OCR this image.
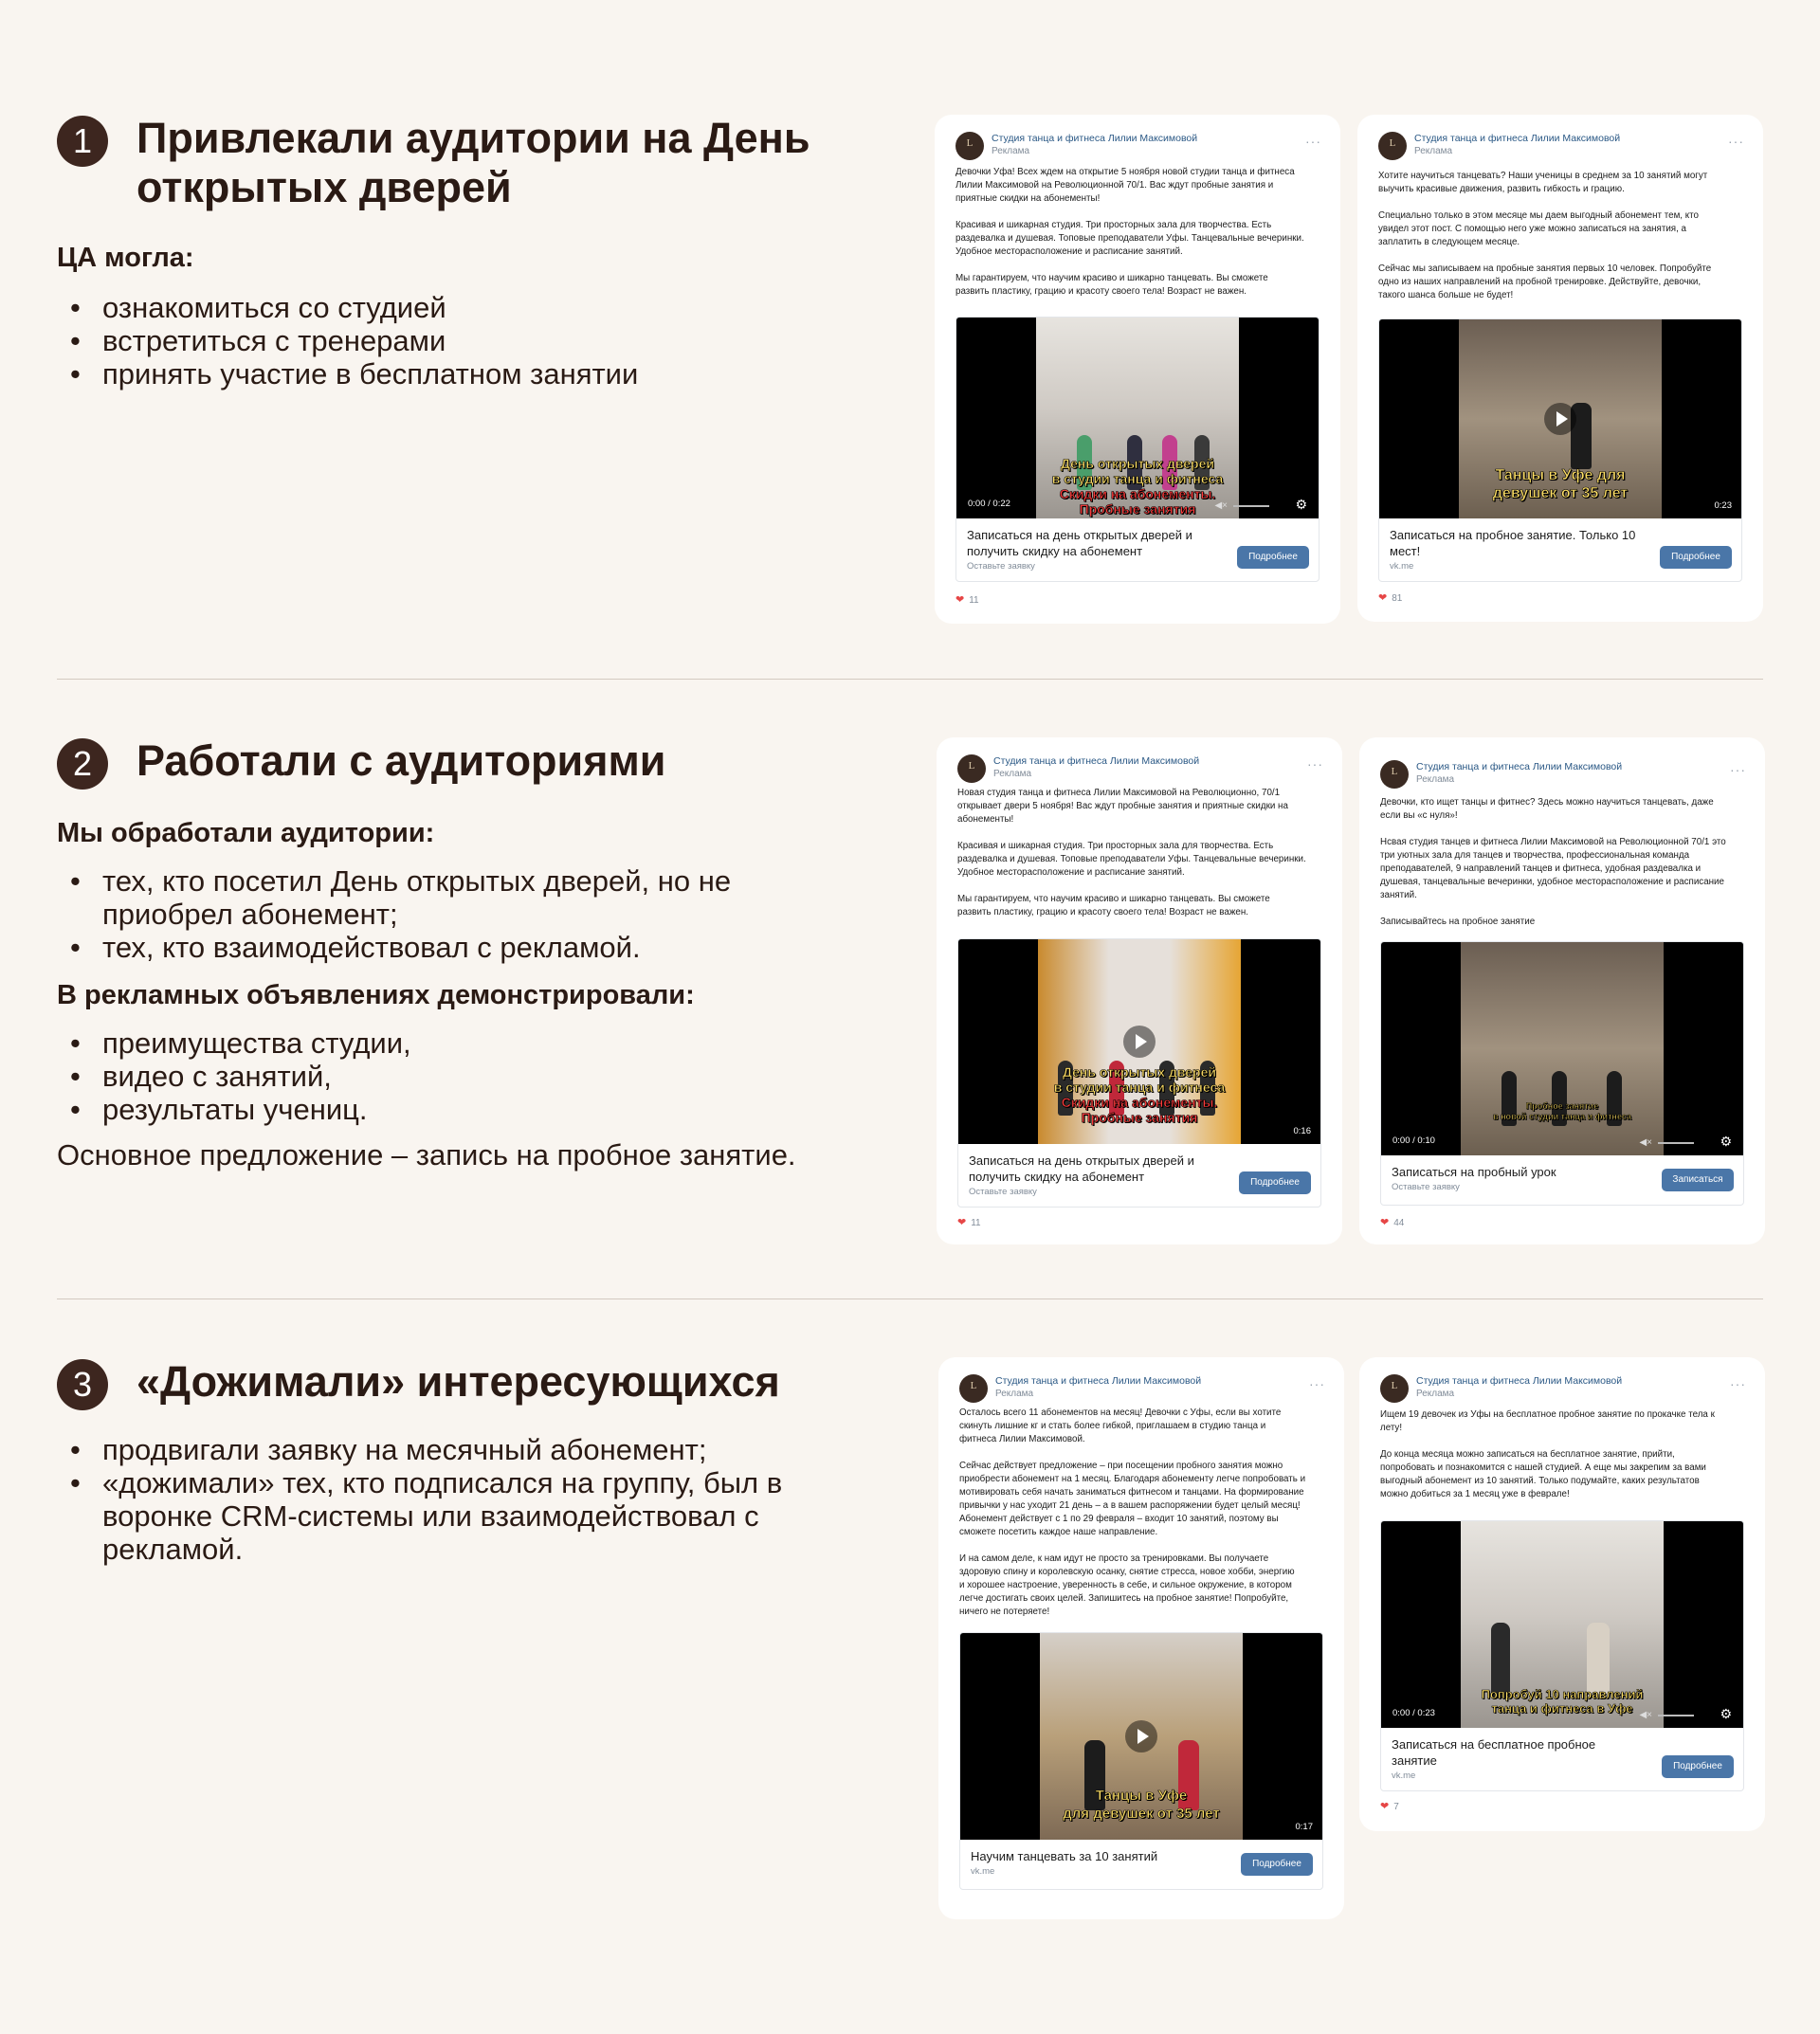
1	Привлекали аудитории на День
открытых дверей
ЦА могла:
• ознакомиться со студией
• встретиться с тренерами
• принять участие в бесплатном занятии
2	Работали с аудиториями
Мы обработали аудитории:
• тех, кто посетил День открытых дверей, но не
приобрел абонемент;
• тех, кто взаимодействовал с рекламой.
В рекламных объявлениях демонстрировали:
• преимущества студии,
• видео с занятий,
• результаты учениц.
Основное предложение – запись на пробное занятие.
3	«Дожимали» интересующихся
• продвигали заявку на месячный абонемент;
• «дожимали» тех, кто подписался на группу, был в
воронке CRM-системы или взаимодействовал с
рекламой.
L
Студия танца и фитнеса Лилии Максимовой
Реклама
···
Девочки Уфа! Всех ждем на открытие 5 ноября новой студии танца и фитнеса
Лилии Максимовой на Революционной 70/1. Вас ждут пробные занятия и
приятные скидки на абонементы!

Красивая и шикарная студия. Три просторных зала для творчества. Есть
раздевалка и душевая. Топовые преподаватели Уфы. Танцевальные вечеринки.
Удобное месторасположение и расписание занятий.

Мы гарантируем, что научим красиво и шикарно танцевать. Вы сможете
развить пластику, грацию и красоту своего тела! Возраст не важен.
День открытых дверей
в студии танца и фитнеса
Скидки на абонементы.
Пробные занятия
0:00 / 0:22	◀×	⚙
Записаться на день открытых дверей и получить скидку на абонемент
Оставьте заявку
Подробнее
❤ 11
L
Студия танца и фитнеса Лилии Максимовой
Реклама
···
Хотите научиться танцевать? Наши ученицы в среднем за 10 занятий могут
выучить красивые движения, развить гибкость и грацию.

Специально только в этом месяце мы даем выгодный абонемент тем, кто
увидел этот пост. С помощью него уже можно записаться на занятия, а
заплатить в следующем месяце.

Сейчас мы записываем на пробные занятия первых 10 человек. Попробуйте
одно из наших направлений на пробной тренировке. Действуйте, девочки,
такого шанса больше не будет!
Танцы в Уфе для
девушек от 35 лет
0:23
Записаться на пробное занятие. Только 10 мест!
vk.me
Подробнее
❤ 81
L
Студия танца и фитнеса Лилии Максимовой
Реклама
···
Новая студия танца и фитнеса Лилии Максимовой на Революционно, 70/1
открывает двери 5 ноября! Вас ждут пробные занятия и приятные скидки на
абонементы!

Красивая и шикарная студия. Три просторных зала для творчества. Есть
раздевалка и душевая. Топовые преподаватели Уфы. Танцевальные вечеринки.
Удобное месторасположение и расписание занятий.

Мы гарантируем, что научим красиво и шикарно танцевать. Вы сможете
развить пластику, грацию и красоту своего тела! Возраст не важен.
День открытых дверей
в студии танца и фитнеса
Скидки на абонементы.
Пробные занятия
0:16
Записаться на день открытых дверей и получить скидку на абонемент
Оставьте заявку
Подробнее
❤ 11
L
Студия танца и фитнеса Лилии Максимовой
Реклама
···
Девочки, кто ищет танцы и фитнес? Здесь можно научиться танцевать, даже
если вы «с нуля»!

Нсвая студия танцев и фитнеса Лилии Максимовой на Революционной 70/1 это
три уютных зала для танцев и творчества, профессиональная команда
преподавателей, 9 направлений танцев и фитнеса, удобная раздевалка и
душевая, танцевальные вечеринки, удобное месторасположение и расписание
занятий.

Записывайтесь на пробное занятие
Пробное занятие
в новой студии танца и фитнеса
0:00 / 0:10	◀×	⚙
Записаться на пробный урок
Оставьте заявку
Записаться
❤ 44
L
Студия танца и фитнеса Лилии Максимовой
Реклама
···
Осталось всего 11 абонементов на месяц! Девочки с Уфы, если вы хотите
скинуть лишние кг и стать более гибкой, приглашаем в студию танца и
фитнеса Лилии Максимовой.

Сейчас действует предложение – при посещении пробного занятия можно
приобрести абонемент на 1 месяц. Благодаря абонементу легче попробовать и
мотивировать себя начать заниматься фитнесом и танцами. На формирование
привычки у нас уходит 21 день – а в вашем распоряжении будет целый месяц!
Абонемент действует с 1 по 29 февраля – входит 10 занятий, поэтому вы
сможете посетить каждое наше направление.

И на самом деле, к нам идут не просто за тренировками. Вы получаете
здоровую спину и королевскую осанку, снятие стресса, новое хобби, энергию
и хорошее настроение, уверенность в себе, и сильное окружение, в котором
легче достигать своих целей. Запишитесь на пробное занятие! Попробуйте,
ничего не потеряете!
Танцы в Уфе
для девушек от 35 лет
0:17
Научим танцевать за 10 занятий
vk.me
Подробнее
L
Студия танца и фитнеса Лилии Максимовой
Реклама
···
Ищем 19 девочек из Уфы на бесплатное пробное занятие по прокачке тела к
лету!

До конца месяца можно записаться на бесплатное занятие, прийти,
попробовать и познакомится с нашей студией. А еще мы закрепим за вами
выгодный абонемент из 10 занятий. Только подумайте, каких результатов
можно добиться за 1 месяц уже в феврале!
Попробуй 10 направлений
танца и фитнеса в Уфе
0:00 / 0:23	◀×	⚙
Записаться на бесплатное пробное занятие
vk.me
Подробнее
❤ 7
